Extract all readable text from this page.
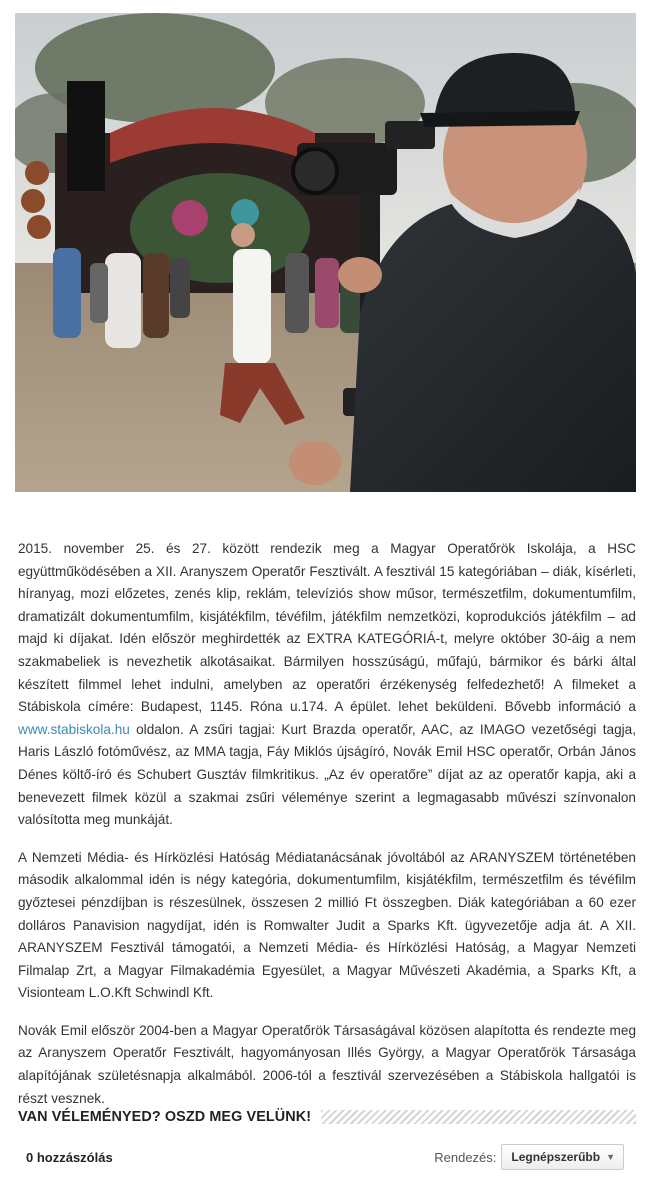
2015. november 25. és 27. között rendezik meg a Magyar Operatőrök Iskolája, a HSC együttműködésében a XII. Aranyszem Operatőr Fesztivált. A fesztivál 15 kategóriában – diák, kísérleti, híranyag, mozi előzetes, zenés klip, reklám, televíziós show műsor, természetfilm, dokumentumfilm, dramatizált dokumentumfilm, kisjátékfilm, tévéfilm, játékfilm nemzetközi, koprodukciós játékfilm – ad majd ki díjakat. Idén először meghirdették az EXTRA KATEGÓRIÁ-t, melyre október 30-áig a nem szakmabeliek is nevezhetik alkotásaikat. Bármilyen hosszúságú, műfajú, bármikor és bárki által készített filmmel lehet indulni, amelyben az operatőri érzékenység felfedezhető! A filmeket a Stábiskola címére: Budapest, 1145. Róna u.174. A épület. lehet beküldeni. Bővebb információ a www.stabiskola.hu oldalon. A zsűri tagjai: Kurt Brazda operatőr, AAC, az IMAGO vezetőségi tagja, Haris László fotóművész, az MMA tagja, Fáy Miklós újságíró, Novák Emil HSC operatőr, Orbán János Dénes költő-író és Schubert Gusztáv filmkritikus. „Az év operatőre” díjat az az operatőr kapja, aki a benevezett filmek közül a szakmai zsűri véleménye szerint a legmagasabb művészi színvonalon valósította meg munkáját.

A Nemzeti Média- és Hírközlési Hatóság Médiatanácsának jóvoltából az ARANYSZEM történetében második alkalommal idén is négy kategória, dokumentumfilm, kisjátékfilm, természetfilm és tévéfilm győztesei pénzdíjban is részesülnek, összesen 2 millió Ft összegben. Diák kategóriában a 60 ezer dolláros Panavision nagydíjat, idén is Romwalter Judit a Sparks Kft. ügyvezetője adja át. A XII. ARANYSZEM Fesztivál támogatói, a Nemzeti Média- és Hírközlési Hatóság, a Magyar Nemzeti Filmalap Zrt, a Magyar Filmakadémia Egyesület, a Magyar Művészeti Akadémia, a Sparks Kft, a Visionteam L.O.Kft Schwindl Kft.

Novák Emil először 2004-ben a Magyar Operatőrök Társaságával közösen alapította és rendezte meg az Aranyszem Operatőr Fesztivált, hagyományosan Illés György, a Magyar Operatőrök Társasága alapítójának születésnapja alkalmából. 2006-tól a fesztivál szervezésében a Stábiskola hallgatói is részt vesznek.

VAN VÉLEMÉNYED? OSZD MEG VELÜNK!
0 hozzászólás	Rendezés: Legnépszerűbb ▼
